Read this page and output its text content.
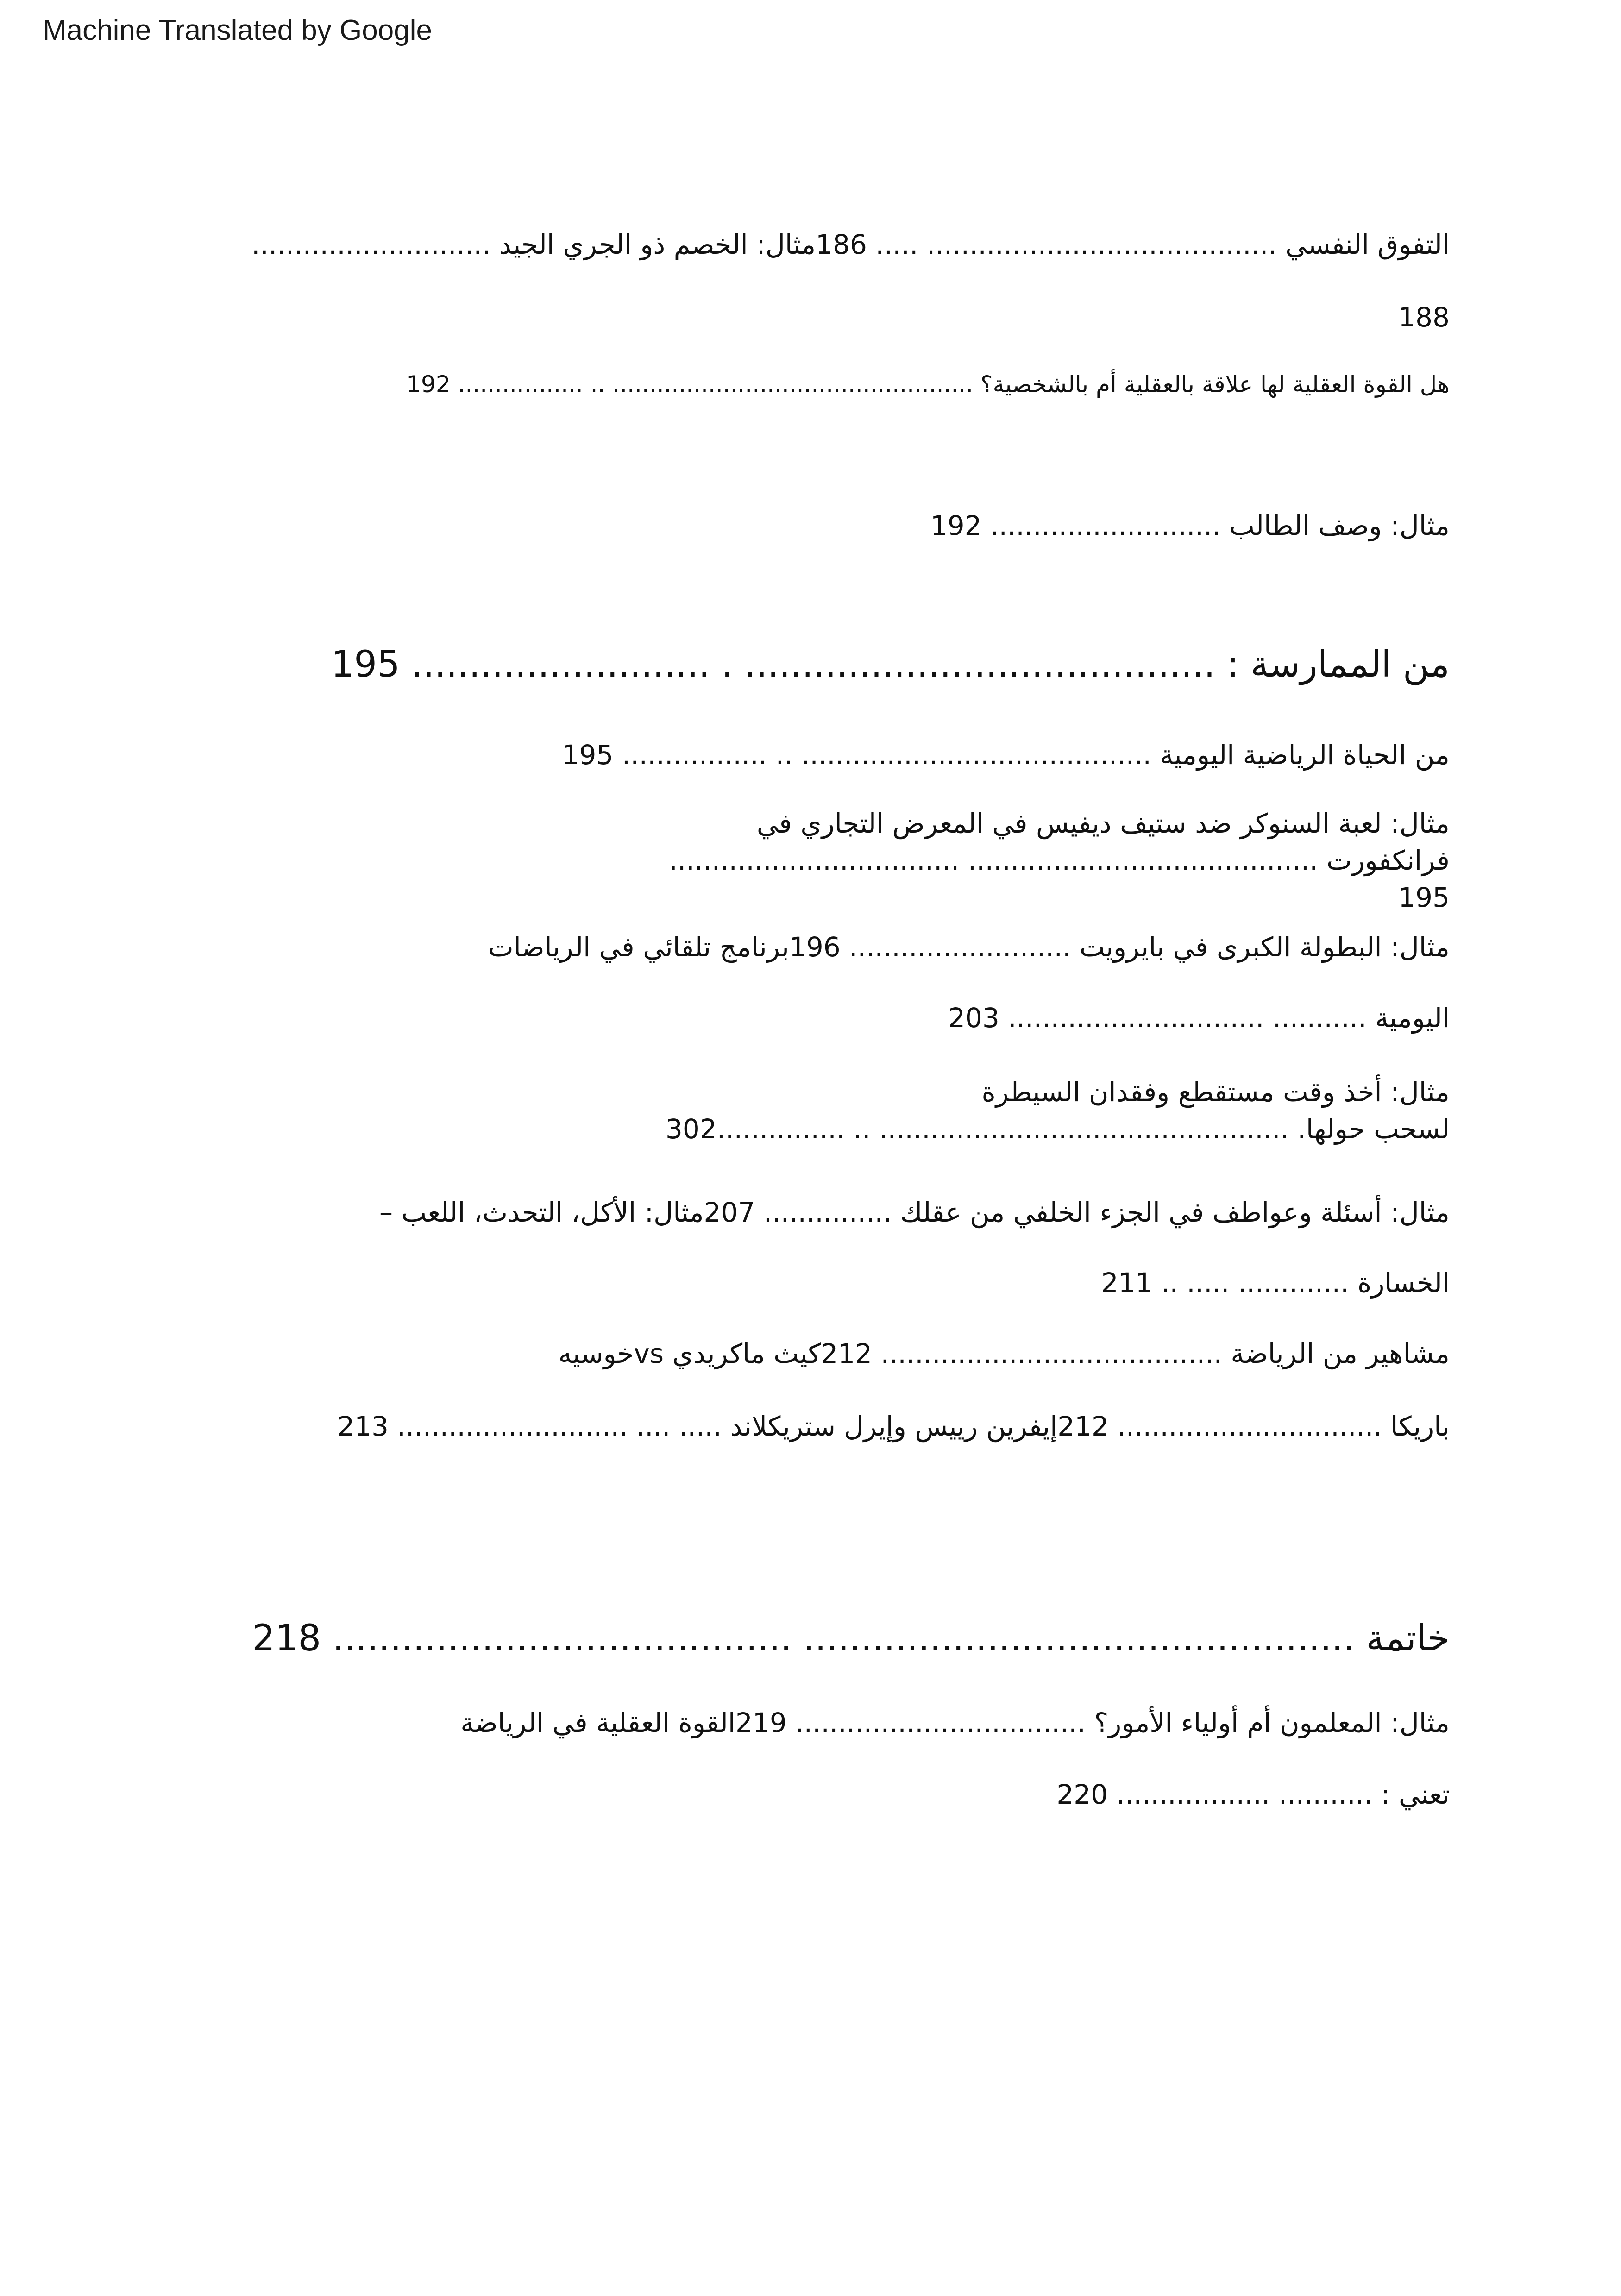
Machine Translated by Google
التفوق النفسي ......................................... ..... 186مثال: الخصم ذو الجري الجيد ............................
188
هل القوة العقلية لها علاقة بالعقلية أم بالشخصية؟ ................................................. .. ................. 192
مثال: وصف الطالب ........................... 192
من الممارسة : ......................................... . .......................... 195
من الحياة الرياضية اليومية ......................................... .. ................. 195
مثال: لعبة السنوكر ضد ستيف ديفيس في المعرض التجاري في
فرانكفورت ......................................... .................................. 195
مثال: البطولة الكبرى في بايرويت .......................... 196برنامج تلقائي في الرياضات
اليومية ........... .............................. 203
مثال: أخذ وقت مستقطع وفقدان السيطرة
لسحب حولها. ................................................ .. ...............302
مثال: أسئلة وعواطف في الجزء الخلفي من عقلك ............... 207مثال: الأكل، التحدث، اللعب –
الخسارة ............. ..... .. 211
مشاهير من الرياضة ........................................ 212كيث ماكريدي vsخوسيه
باريكا ............................... 212إيفرين رييس وإيرل ستريكلاند ..... .... ........................... 213
خاتمة ................................................ ........................................ 218
مثال: المعلمون أم أولياء الأمور؟ .................................. 219القوة العقلية في الرياضة
تعني : ........... .................. 220
